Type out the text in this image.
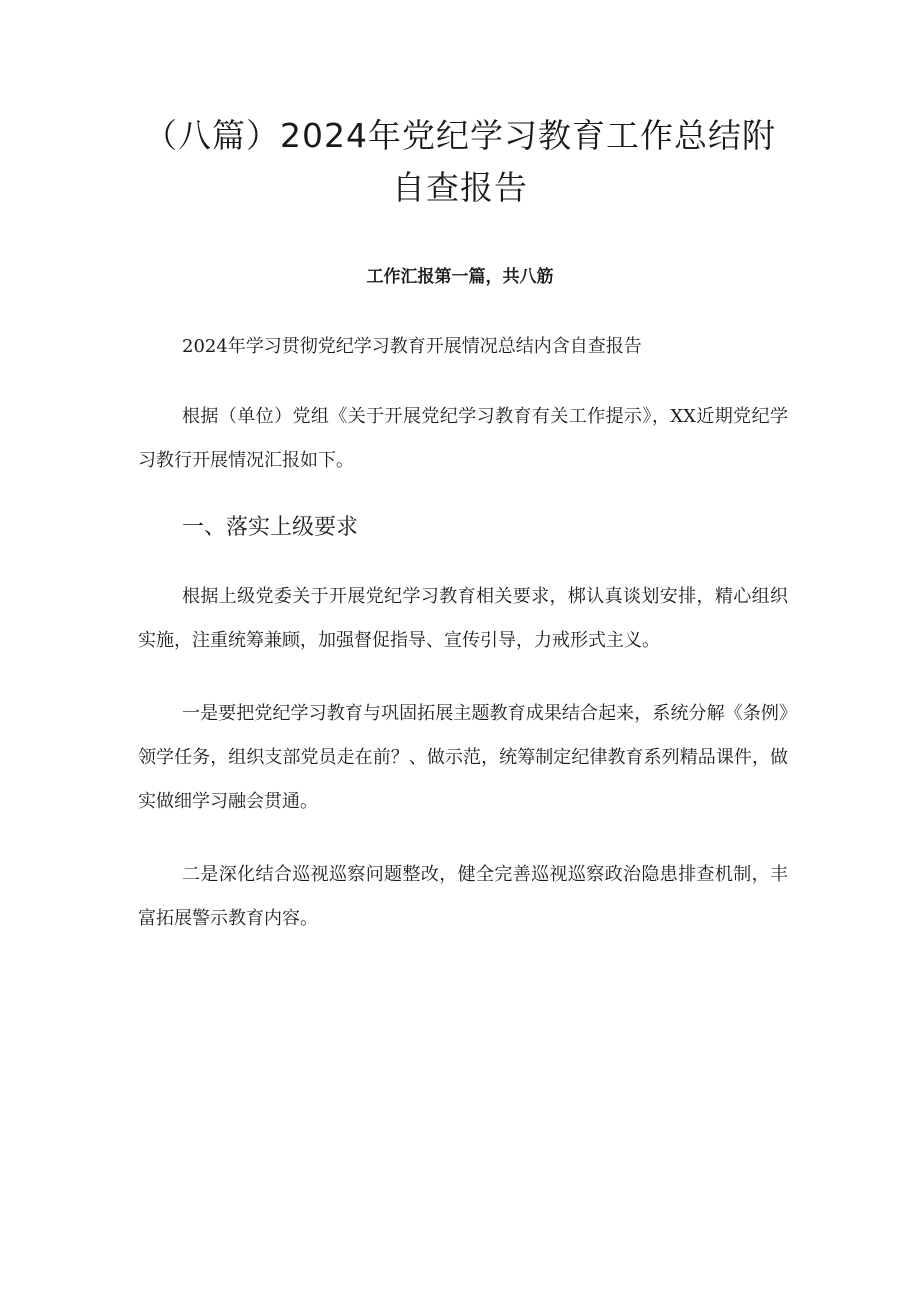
（八篇）2024年党纪学习教育工作总结附
自查报告
工作汇报第一篇，共八筋

2024年学习贯彻党纪学习教育开展情况总结内含自查报告

根据（单位）党组《关于开展党纪学习教育有关工作提示》，XX近期党纪学习教行开展情况汇报如下。

一、落实上级要求

根据上级党委关于开展党纪学习教育相关要求，梆认真谈划安排，精心组织实施，注重统筹兼顾，加强督促指导、宣传引导，力戒形式主义。

一是要把党纪学习教育与巩固拓展主题教育成果结合起来，系统分解《条例》领学任务，组织支部党员走在前？、做示范，统筹制定纪律教育系列精品课件，做实做细学习融会贯通。

二是深化结合巡视巡察问题整改，健全完善巡视巡察政治隐患排查机制，丰富拓展警示教育内容。
